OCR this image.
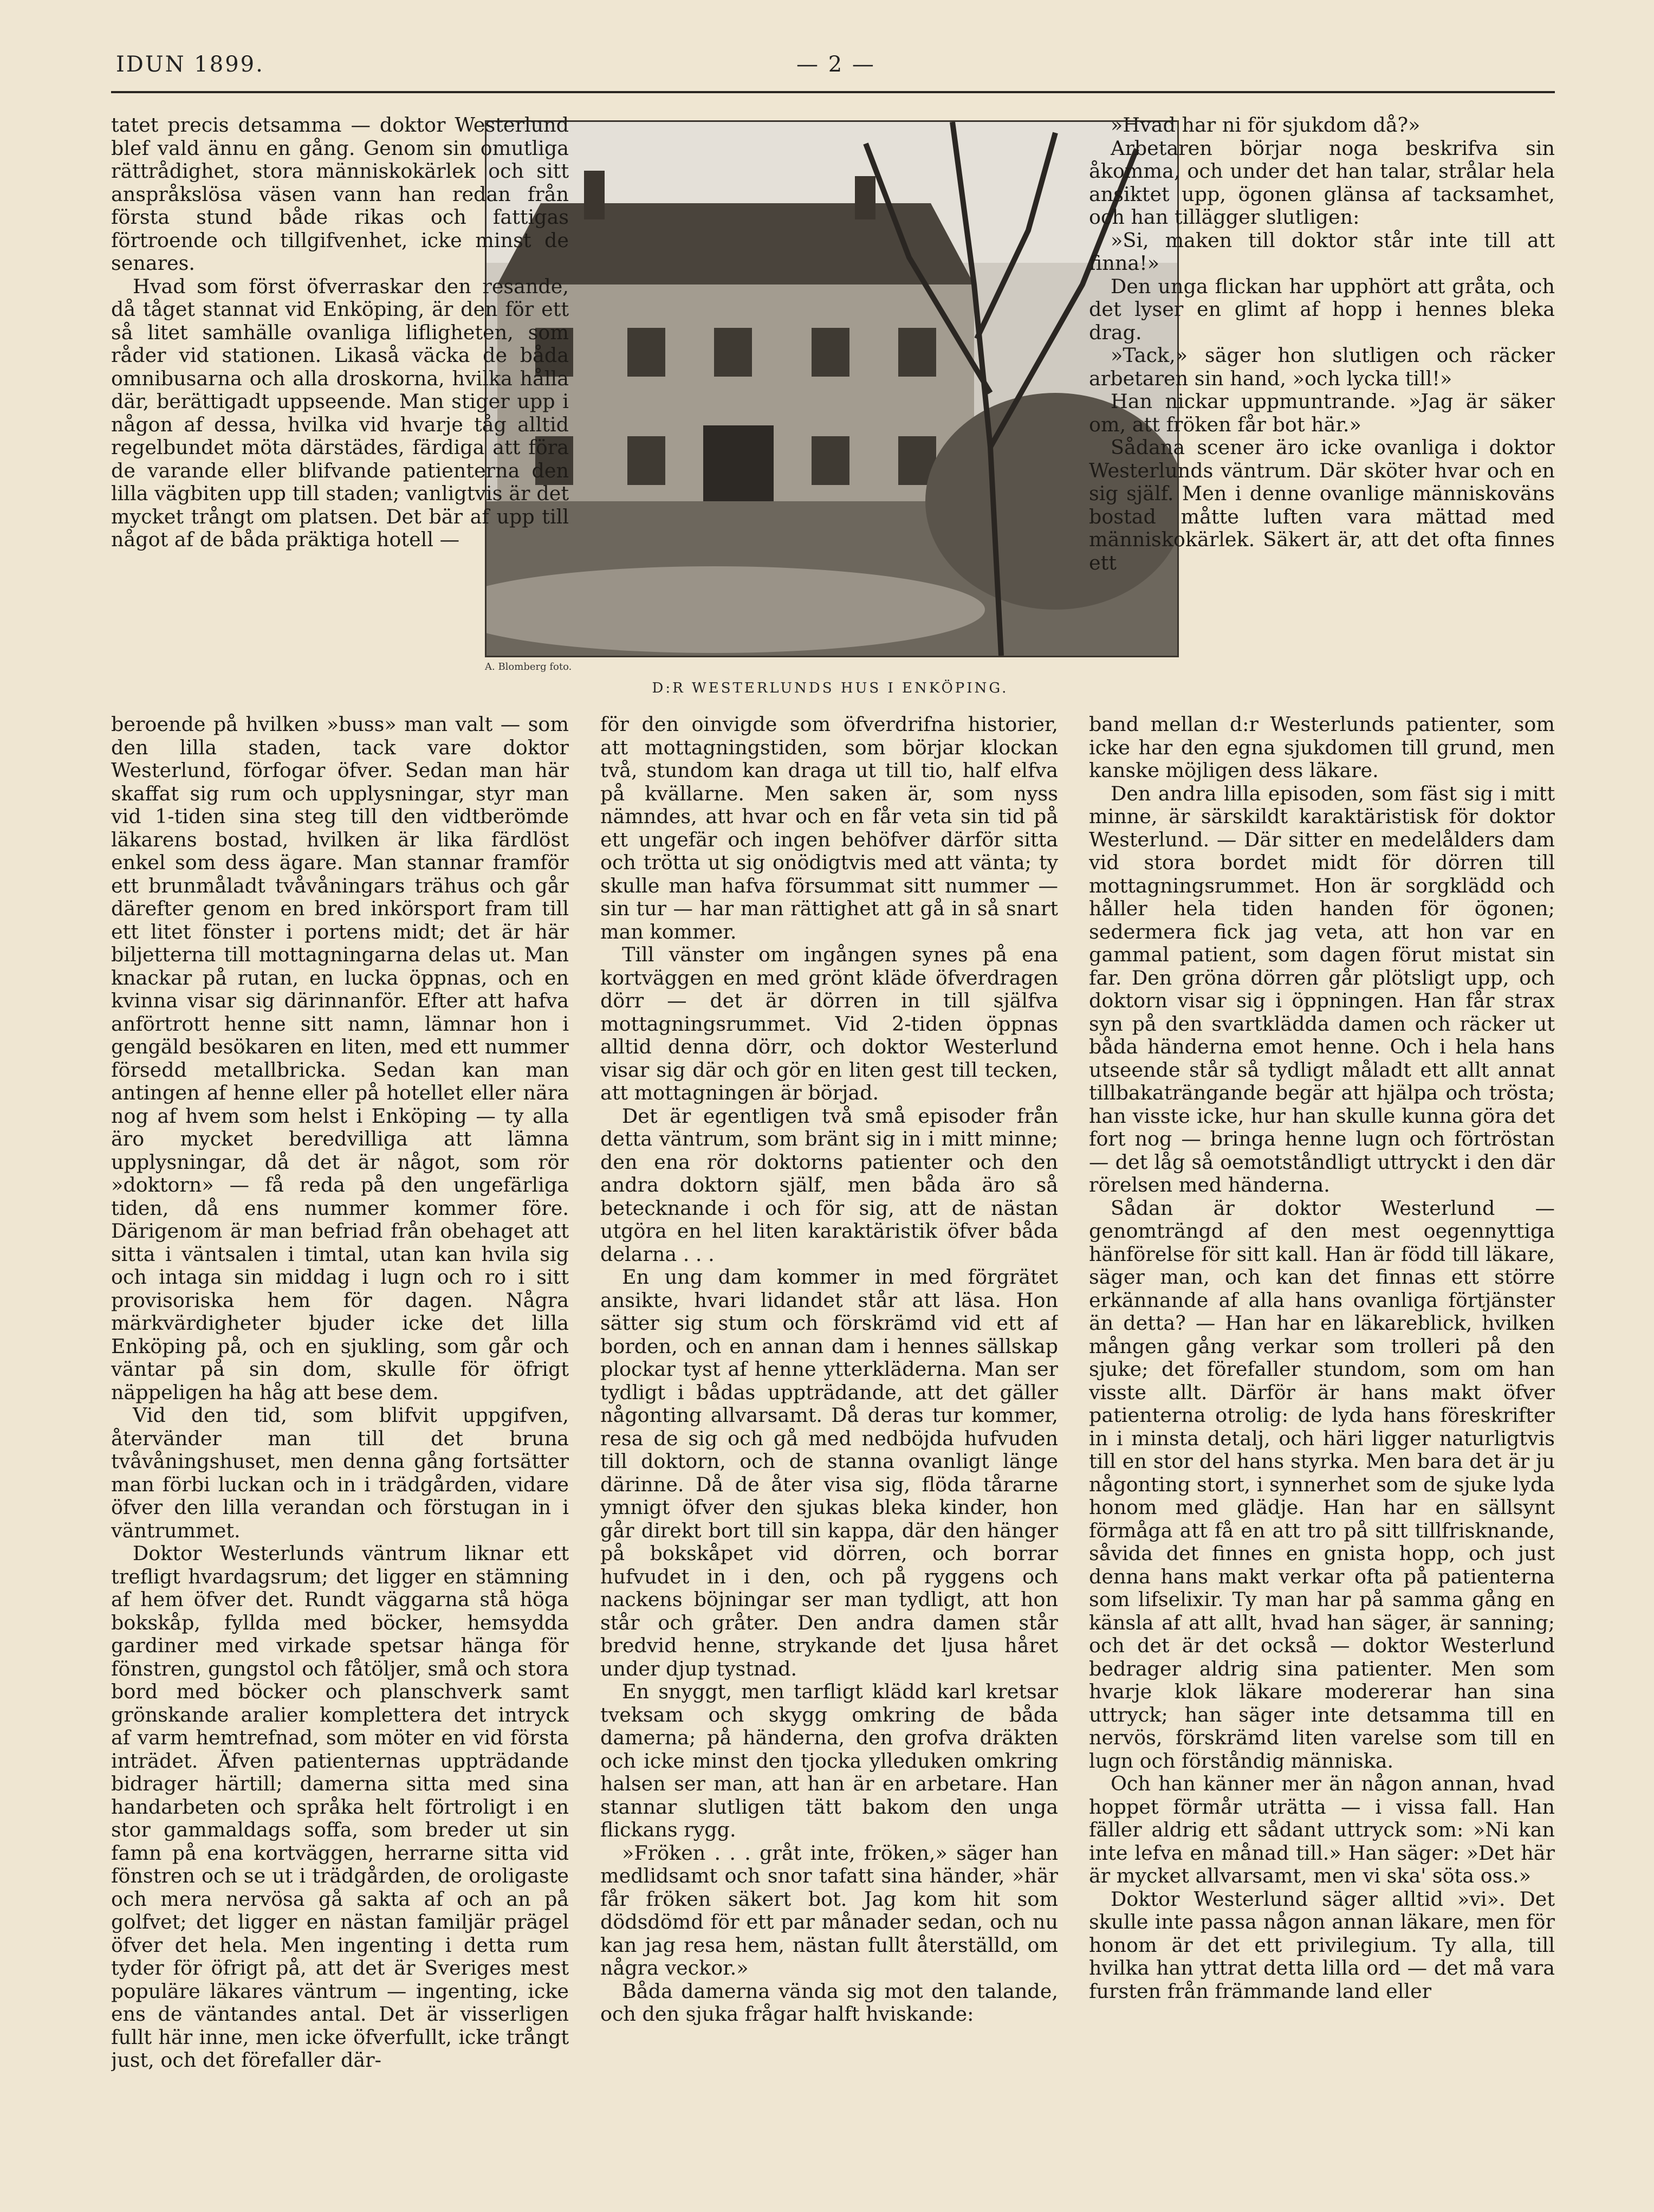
IDUN 1899.	— 2 —
A. Blomberg foto.
D:R WESTERLUNDS HUS I ENKÖPING.

tatet precis detsamma — doktor Westerlund blef vald ännu en gång. Genom sin omutliga rättrådighet, stora människokärlek och sitt anspråkslösa väsen vann han redan från första stund både rikas och fattigas förtroende och tillgifvenhet, icke minst de senares.

Hvad som först öfverraskar den resande, då tåget stannat vid Enköping, är den för ett så litet samhälle ovanliga lifligheten, som råder vid stationen. Likaså väcka de båda omnibusarna och alla droskorna, hvilka hålla där, berättigadt uppseende. Man stiger upp i någon af dessa, hvilka vid hvarje tåg alltid regelbundet möta därstädes, färdiga att föra de varande eller blifvande patienterna den lilla vägbiten upp till staden; vanligtvis är det mycket trångt om platsen. Det bär af upp till något af de båda präktiga hotell —

beroende på hvilken »buss» man valt — som den lilla staden, tack vare doktor Westerlund, förfogar öfver. Sedan man här skaffat sig rum och upplysningar, styr man vid 1-tiden sina steg till den vidtberömde läkarens bostad, hvilken är lika färdlöst enkel som dess ägare. Man stannar framför ett brunmåladt tvåvåningars trähus och går därefter genom en bred inkörsport fram till ett litet fönster i portens midt; det är här biljetterna till mottagningarna delas ut. Man knackar på rutan, en lucka öppnas, och en kvinna visar sig därinnanför. Efter att hafva anförtrott henne sitt namn, lämnar hon i gengäld besökaren en liten, med ett nummer försedd metallbricka. Sedan kan man antingen af henne eller på hotellet eller nära nog af hvem som helst i Enköping — ty alla äro mycket beredvilliga att lämna upplysningar, då det är något, som rör »doktorn» — få reda på den ungefärliga tiden, då ens nummer kommer före. Därigenom är man befriad från obehaget att sitta i väntsalen i timtal, utan kan hvila sig och intaga sin middag i lugn och ro i sitt provisoriska hem för dagen. Några märkvärdigheter bjuder icke det lilla Enköping på, och en sjukling, som går och väntar på sin dom, skulle för öfrigt näppeligen ha håg att bese dem.

Vid den tid, som blifvit uppgifven, återvänder man till det bruna tvåvåningshuset, men denna gång fortsätter man förbi luckan och in i trädgården, vidare öfver den lilla verandan och förstugan in i väntrummet.

Doktor Westerlunds väntrum liknar ett trefligt hvardagsrum; det ligger en stämning af hem öfver det. Rundt väggarna stå höga bokskåp, fyllda med böcker, hemsydda gardiner med virkade spetsar hänga för fönstren, gungstol och fåtöljer, små och stora bord med böcker och planschverk samt grönskande aralier komplettera det intryck af varm hemtrefnad, som möter en vid första inträdet. Äfven patienternas uppträdande bidrager härtill; damerna sitta med sina handarbeten och språka helt förtroligt i en stor gammaldags soffa, som breder ut sin famn på ena kortväggen, herrarne sitta vid fönstren och se ut i trädgården, de oroligaste och mera nervösa gå sakta af och an på golfvet; det ligger en nästan familjär prägel öfver det hela. Men ingenting i detta rum tyder för öfrigt på, att det är Sveriges mest populäre läkares väntrum — ingenting, icke ens de väntandes antal. Det är visserligen fullt här inne, men icke öfverfullt, icke trångt just, och det förefaller där-

för den oinvigde som öfverdrifna historier, att mottagningstiden, som börjar klockan två, stundom kan draga ut till tio, half elfva på kvällarne. Men saken är, som nyss nämndes, att hvar och en får veta sin tid på ett ungefär och ingen behöfver därför sitta och trötta ut sig onödigtvis med att vänta; ty skulle man hafva försummat sitt nummer — sin tur — har man rättighet att gå in så snart man kommer.

Till vänster om ingången synes på ena kortväggen en med grönt kläde öfverdragen dörr — det är dörren in till själfva mottagningsrummet. Vid 2-tiden öppnas alltid denna dörr, och doktor Westerlund visar sig där och gör en liten gest till tecken, att mottagningen är börjad.

Det är egentligen två små episoder från detta väntrum, som bränt sig in i mitt minne; den ena rör doktorns patienter och den andra doktorn själf, men båda äro så betecknande i och för sig, att de nästan utgöra en hel liten karaktäristik öfver båda delarna . . .

En ung dam kommer in med förgrätet ansikte, hvari lidandet står att läsa. Hon sätter sig stum och förskrämd vid ett af borden, och en annan dam i hennes sällskap plockar tyst af henne ytterkläderna. Man ser tydligt i bådas uppträdande, att det gäller någonting allvarsamt. Då deras tur kommer, resa de sig och gå med nedböjda hufvuden till doktorn, och de stanna ovanligt länge därinne. Då de åter visa sig, flöda tårarne ymnigt öfver den sjukas bleka kinder, hon går direkt bort till sin kappa, där den hänger på bokskåpet vid dörren, och borrar hufvudet in i den, och på ryggens och nackens böjningar ser man tydligt, att hon står och gråter. Den andra damen står bredvid henne, strykande det ljusa håret under djup tystnad.

En snyggt, men tarfligt klädd karl kretsar tveksam och skygg omkring de båda damerna; på händerna, den grofva dräkten och icke minst den tjocka ylleduken omkring halsen ser man, att han är en arbetare. Han stannar slutligen tätt bakom den unga flickans rygg.

»Fröken . . . gråt inte, fröken,» säger han medlidsamt och snor tafatt sina händer, »här får fröken säkert bot. Jag kom hit som dödsdömd för ett par månader sedan, och nu kan jag resa hem, nästan fullt återställd, om några veckor.»

Båda damerna vända sig mot den talande, och den sjuka frågar halft hviskande:

»Hvad har ni för sjukdom då?»

Arbetaren börjar noga beskrifva sin åkomma, och under det han talar, strålar hela ansiktet upp, ögonen glänsa af tacksamhet, och han tillägger slutligen:

»Si, maken till doktor står inte till att finna!»

Den unga flickan har upphört att gråta, och det lyser en glimt af hopp i hennes bleka drag.

»Tack,» säger hon slutligen och räcker arbetaren sin hand, »och lycka till!»

Han nickar uppmuntrande. »Jag är säker om, att fröken får bot här.»

Sådana scener äro icke ovanliga i doktor Westerlunds väntrum. Där sköter hvar och en sig själf. Men i denne ovanlige människoväns bostad måtte luften vara mättad med människokärlek. Säkert är, att det ofta finnes ett

band mellan d:r Westerlunds patienter, som icke har den egna sjukdomen till grund, men kanske möjligen dess läkare.

Den andra lilla episoden, som fäst sig i mitt minne, är särskildt karaktäristisk för doktor Westerlund. — Där sitter en medelålders dam vid stora bordet midt för dörren till mottagningsrummet. Hon är sorgklädd och håller hela tiden handen för ögonen; sedermera fick jag veta, att hon var en gammal patient, som dagen förut mistat sin far. Den gröna dörren går plötsligt upp, och doktorn visar sig i öppningen. Han får strax syn på den svartklädda damen och räcker ut båda händerna emot henne. Och i hela hans utseende står så tydligt måladt ett allt annat tillbakaträngande begär att hjälpa och trösta; han visste icke, hur han skulle kunna göra det fort nog — bringa henne lugn och förtröstan — det låg så oemotståndligt uttryckt i den där rörelsen med händerna.

Sådan är doktor Westerlund — genomträngd af den mest oegennyttiga hänförelse för sitt kall. Han är född till läkare, säger man, och kan det finnas ett större erkännande af alla hans ovanliga förtjänster än detta? — Han har en läkareblick, hvilken mången gång verkar som trolleri på den sjuke; det förefaller stundom, som om han visste allt. Därför är hans makt öfver patienterna otrolig: de lyda hans föreskrifter in i minsta detalj, och häri ligger naturligtvis till en stor del hans styrka. Men bara det är ju någonting stort, i synnerhet som de sjuke lyda honom med glädje. Han har en sällsynt förmåga att få en att tro på sitt tillfrisknande, såvida det finnes en gnista hopp, och just denna hans makt verkar ofta på patienterna som lifselixir. Ty man har på samma gång en känsla af att allt, hvad han säger, är sanning; och det är det också — doktor Westerlund bedrager aldrig sina patienter. Men som hvarje klok läkare modererar han sina uttryck; han säger inte detsamma till en nervös, förskrämd liten varelse som till en lugn och förståndig människa.

Och han känner mer än någon annan, hvad hoppet förmår uträtta — i vissa fall. Han fäller aldrig ett sådant uttryck som: »Ni kan inte lefva en månad till.» Han säger: »Det här är mycket allvarsamt, men vi ska' söta oss.»

Doktor Westerlund säger alltid »vi». Det skulle inte passa någon annan läkare, men för honom är det ett privilegium. Ty alla, till hvilka han yttrat detta lilla ord — det må vara fursten från främmande land eller
